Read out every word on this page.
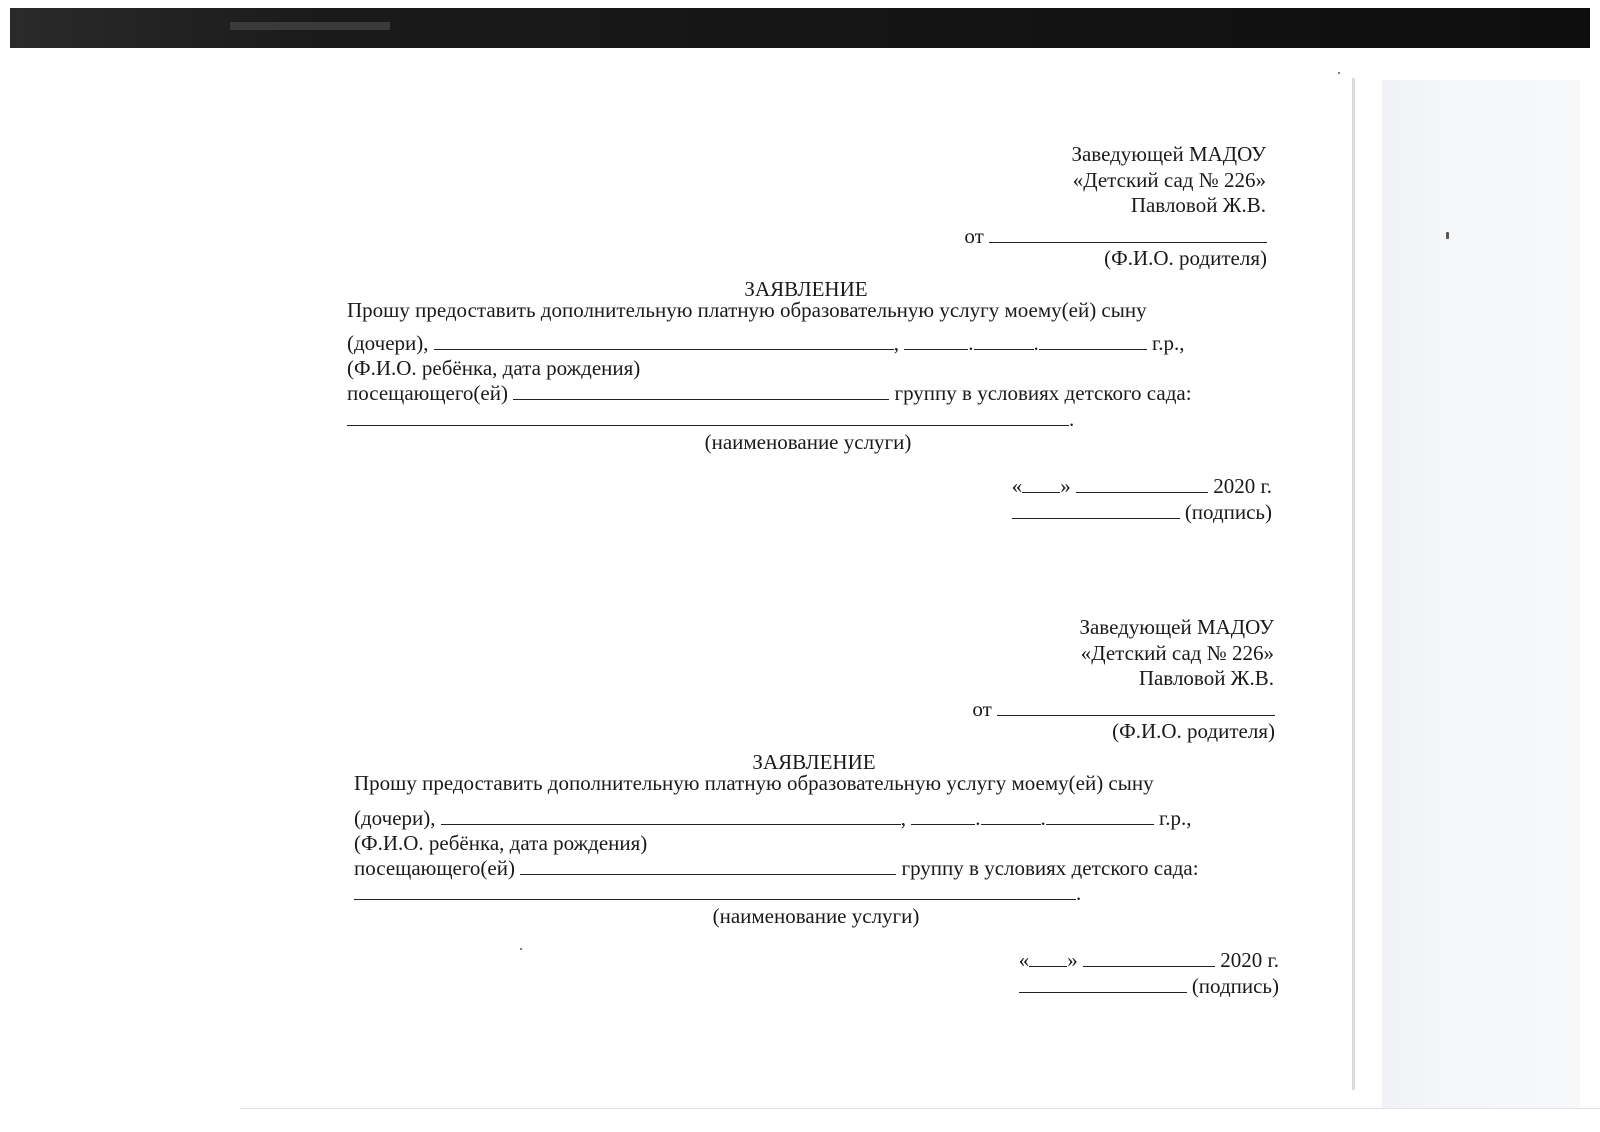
Заведующей МАДОУ
«Детский сад № 226»
Павловой Ж.В.
от
(Ф.И.О. родителя)
ЗАЯВЛЕНИЕ
Прошу предоставить дополнительную платную образовательную услугу моему(ей) сыну
(дочери),	,	.	.	г.р.,
(Ф.И.О. ребёнка, дата рождения)
посещающего(ей)	группу в условиях детского сада:
.
(наименование услуги)
« »	2020 г.
(подпись)
Заведующей МАДОУ
«Детский сад № 226»
Павловой Ж.В.
от
(Ф.И.О. родителя)
ЗАЯВЛЕНИЕ
Прошу предоставить дополнительную платную образовательную услугу моему(ей) сыну
(дочери),	,	.	.	г.р.,
(Ф.И.О. ребёнка, дата рождения)
посещающего(ей)	группу в условиях детского сада:
.
(наименование услуги)
« »	2020 г.
(подпись)
